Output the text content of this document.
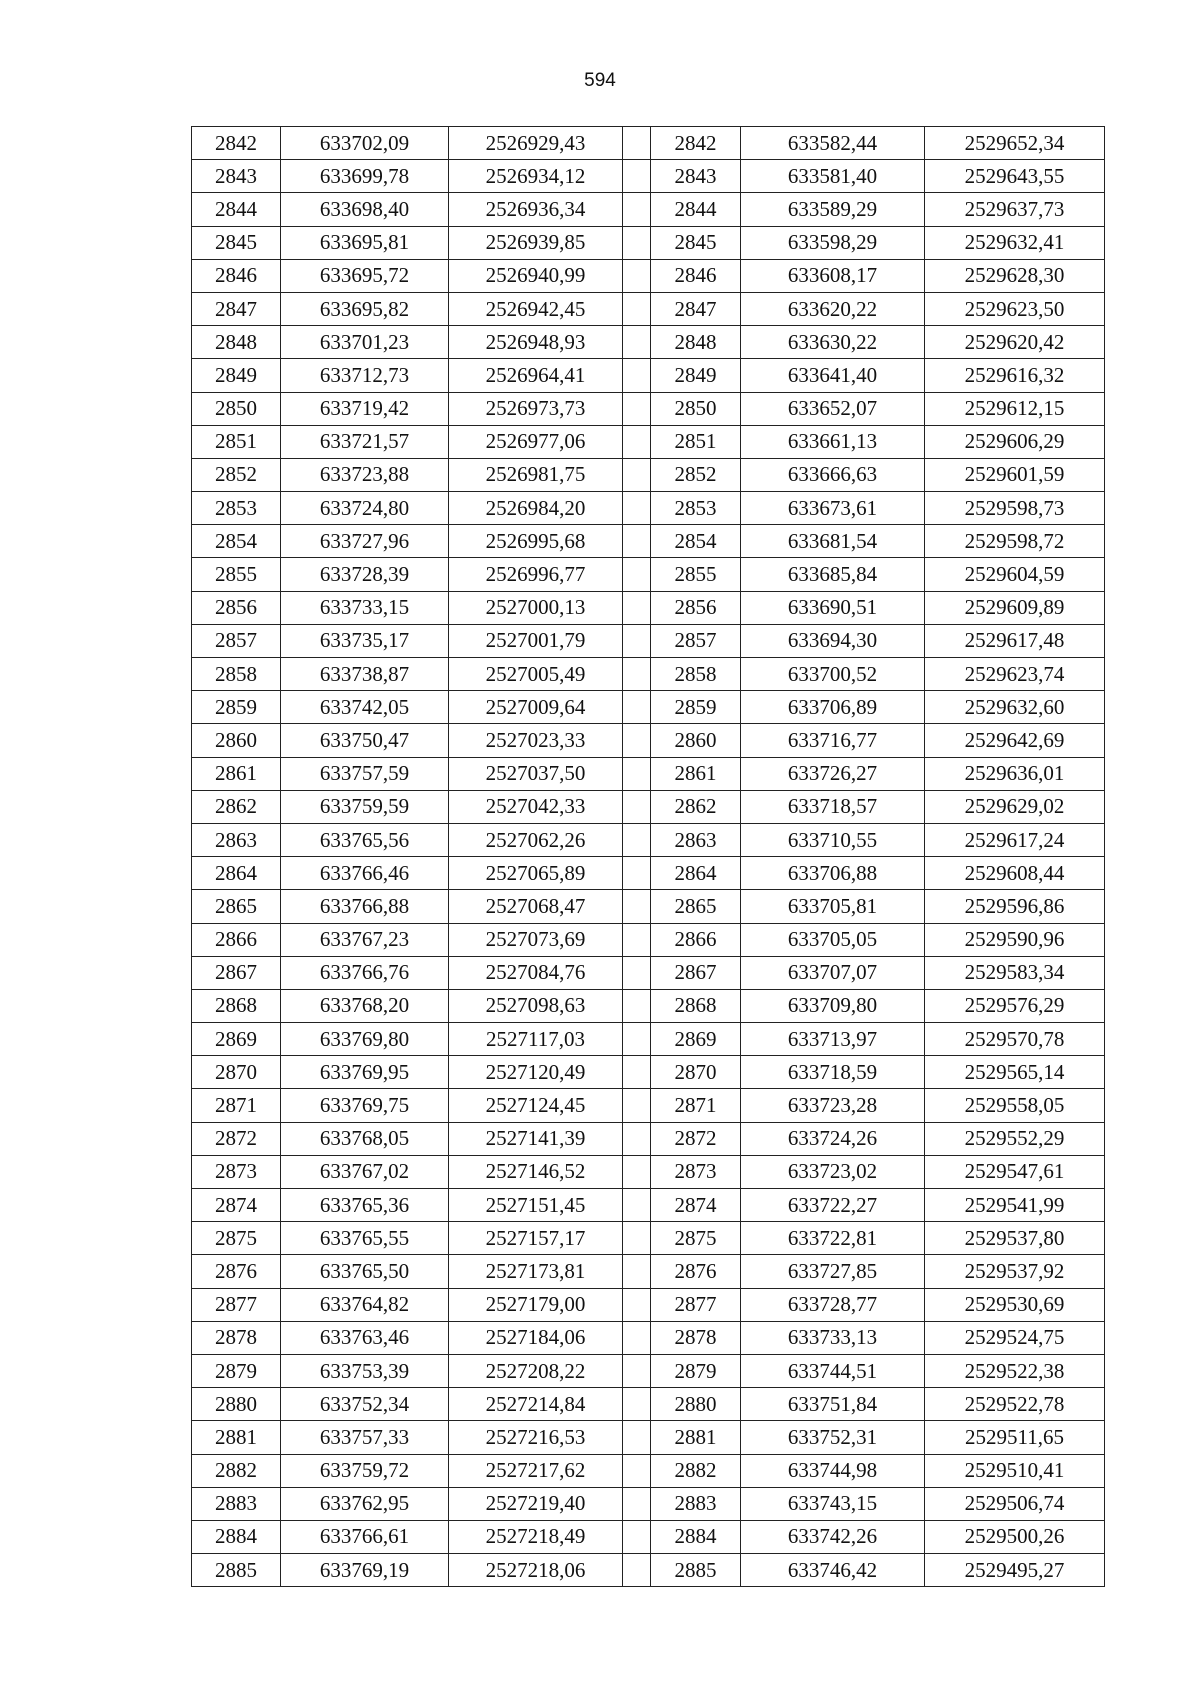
594
2842	633702,09	2526929,43		2842	633582,44	2529652,34
2843	633699,78	2526934,12		2843	633581,40	2529643,55
2844	633698,40	2526936,34		2844	633589,29	2529637,73
2845	633695,81	2526939,85		2845	633598,29	2529632,41
2846	633695,72	2526940,99		2846	633608,17	2529628,30
2847	633695,82	2526942,45		2847	633620,22	2529623,50
2848	633701,23	2526948,93		2848	633630,22	2529620,42
2849	633712,73	2526964,41		2849	633641,40	2529616,32
2850	633719,42	2526973,73		2850	633652,07	2529612,15
2851	633721,57	2526977,06		2851	633661,13	2529606,29
2852	633723,88	2526981,75		2852	633666,63	2529601,59
2853	633724,80	2526984,20		2853	633673,61	2529598,73
2854	633727,96	2526995,68		2854	633681,54	2529598,72
2855	633728,39	2526996,77		2855	633685,84	2529604,59
2856	633733,15	2527000,13		2856	633690,51	2529609,89
2857	633735,17	2527001,79		2857	633694,30	2529617,48
2858	633738,87	2527005,49		2858	633700,52	2529623,74
2859	633742,05	2527009,64		2859	633706,89	2529632,60
2860	633750,47	2527023,33		2860	633716,77	2529642,69
2861	633757,59	2527037,50		2861	633726,27	2529636,01
2862	633759,59	2527042,33		2862	633718,57	2529629,02
2863	633765,56	2527062,26		2863	633710,55	2529617,24
2864	633766,46	2527065,89		2864	633706,88	2529608,44
2865	633766,88	2527068,47		2865	633705,81	2529596,86
2866	633767,23	2527073,69		2866	633705,05	2529590,96
2867	633766,76	2527084,76		2867	633707,07	2529583,34
2868	633768,20	2527098,63		2868	633709,80	2529576,29
2869	633769,80	2527117,03		2869	633713,97	2529570,78
2870	633769,95	2527120,49		2870	633718,59	2529565,14
2871	633769,75	2527124,45		2871	633723,28	2529558,05
2872	633768,05	2527141,39		2872	633724,26	2529552,29
2873	633767,02	2527146,52		2873	633723,02	2529547,61
2874	633765,36	2527151,45		2874	633722,27	2529541,99
2875	633765,55	2527157,17		2875	633722,81	2529537,80
2876	633765,50	2527173,81		2876	633727,85	2529537,92
2877	633764,82	2527179,00		2877	633728,77	2529530,69
2878	633763,46	2527184,06		2878	633733,13	2529524,75
2879	633753,39	2527208,22		2879	633744,51	2529522,38
2880	633752,34	2527214,84		2880	633751,84	2529522,78
2881	633757,33	2527216,53		2881	633752,31	2529511,65
2882	633759,72	2527217,62		2882	633744,98	2529510,41
2883	633762,95	2527219,40		2883	633743,15	2529506,74
2884	633766,61	2527218,49		2884	633742,26	2529500,26
2885	633769,19	2527218,06		2885	633746,42	2529495,27
